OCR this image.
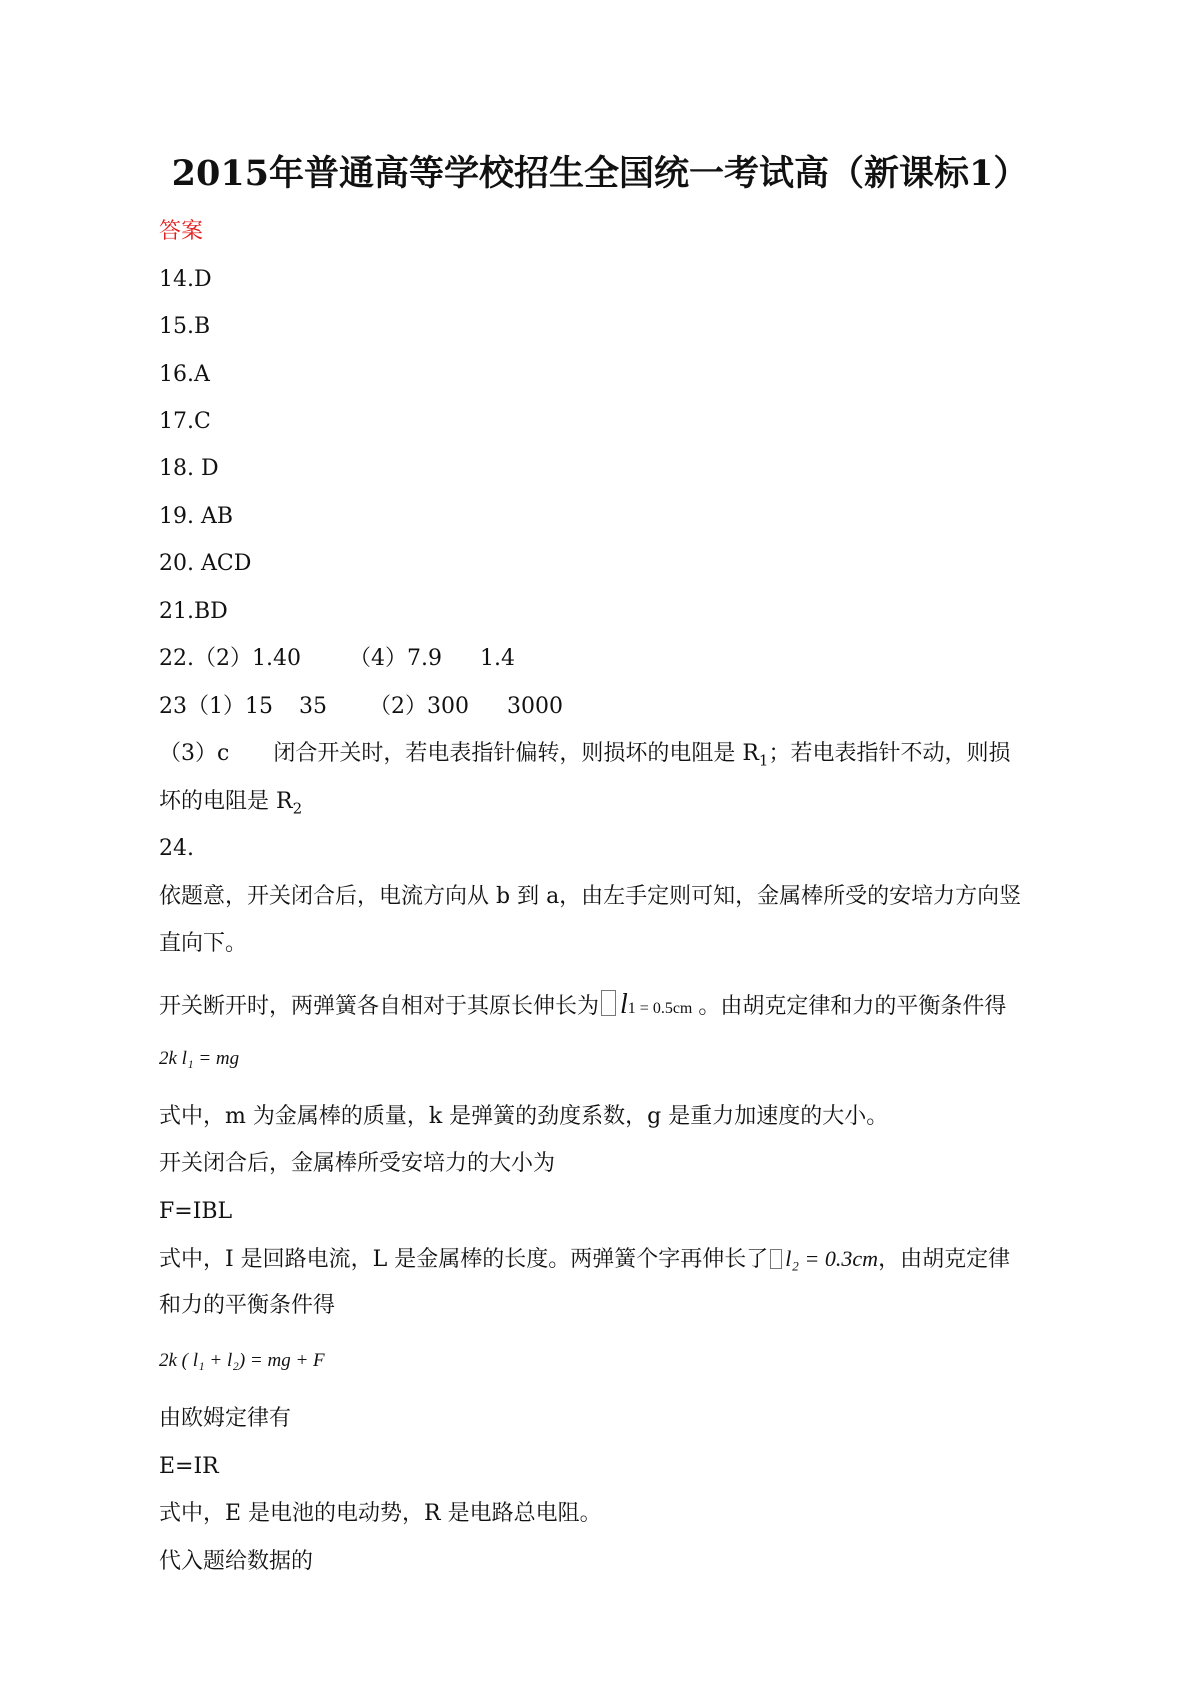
2015年普通高等学校招生全国统一考试高（新课标1）
答案
14.D
15.B
16.A
17.C
18. D
19. AB
20. ACD
21.BD
22.（2）1.40 （4）7.9 1.4
23（1）15 35 （2）300 3000
（3）c 闭合开关时，若电表指针偏转，则损坏的电阻是 $R_1$；若电表指针不动，则损
坏的电阻是 $R_2$
24.
依题意，开关闭合后，电流方向从 b 到 a，由左手定则可知，金属棒所受的安培力方向竖
直向下。
开关断开时，两弹簧各自相对于其原长伸长为 l1 = 0.5cm 。由胡克定律和力的平衡条件得
2k l₁ = mg
式中，m 为金属棒的质量，k 是弹簧的劲度系数，g 是重力加速度的大小。
开关闭合后，金属棒所受安培力的大小为
F=IBL
式中，I 是回路电流，L 是金属棒的长度。两弹簧个字再伸长了 l₂ = 0.3cm，由胡克定律
和力的平衡条件得
2k ( l₁ + l₂) = mg + F
由欧姆定律有
E=IR
式中，E 是电池的电动势，R 是电路总电阻。
代入题给数据的
